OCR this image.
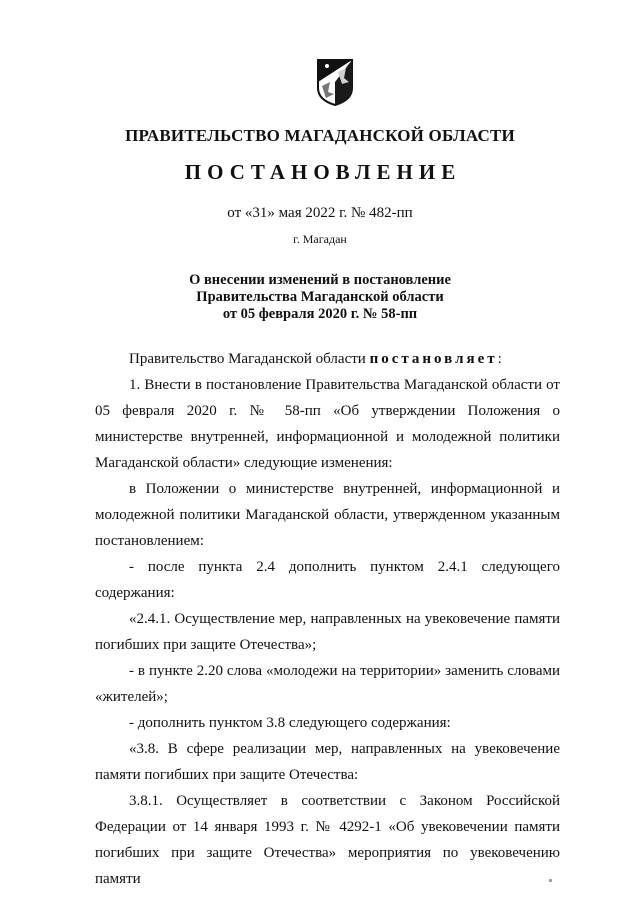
ПРАВИТЕЛЬСТВО МАГАДАНСКОЙ ОБЛАСТИ
ПОСТАНОВЛЕНИЕ
от «31» мая 2022 г. № 482-пп
г. Магадан
О внесении изменений в постановление
Правительства Магаданской области
от 05 февраля 2020 г. № 58-пп

Правительство Магаданской области постановляет:

1. Внести в постановление Правительства Магаданской области от 05 февраля 2020 г. № 58-пп «Об утверждении Положения о министерстве внутренней, информационной и молодежной политики Магаданской области» следующие изменения:

в Положении о министерстве внутренней, информационной и молодежной политики Магаданской области, утвержденном указанным постановлением:

- после пункта 2.4 дополнить пунктом 2.4.1 следующего содержания:

«2.4.1. Осуществление мер, направленных на увековечение памяти погибших при защите Отечества»;

- в пункте 2.20 слова «молодежи на территории» заменить словами «жителей»;

- дополнить пунктом 3.8 следующего содержания:

«3.8. В сфере реализации мер, направленных на увековечение памяти погибших при защите Отечества:

3.8.1. Осуществляет в соответствии с Законом Российской Федерации от 14 января 1993 г. № 4292-1 «Об увековечении памяти погибших при защите Отечества» мероприятия по увековечению памяти
